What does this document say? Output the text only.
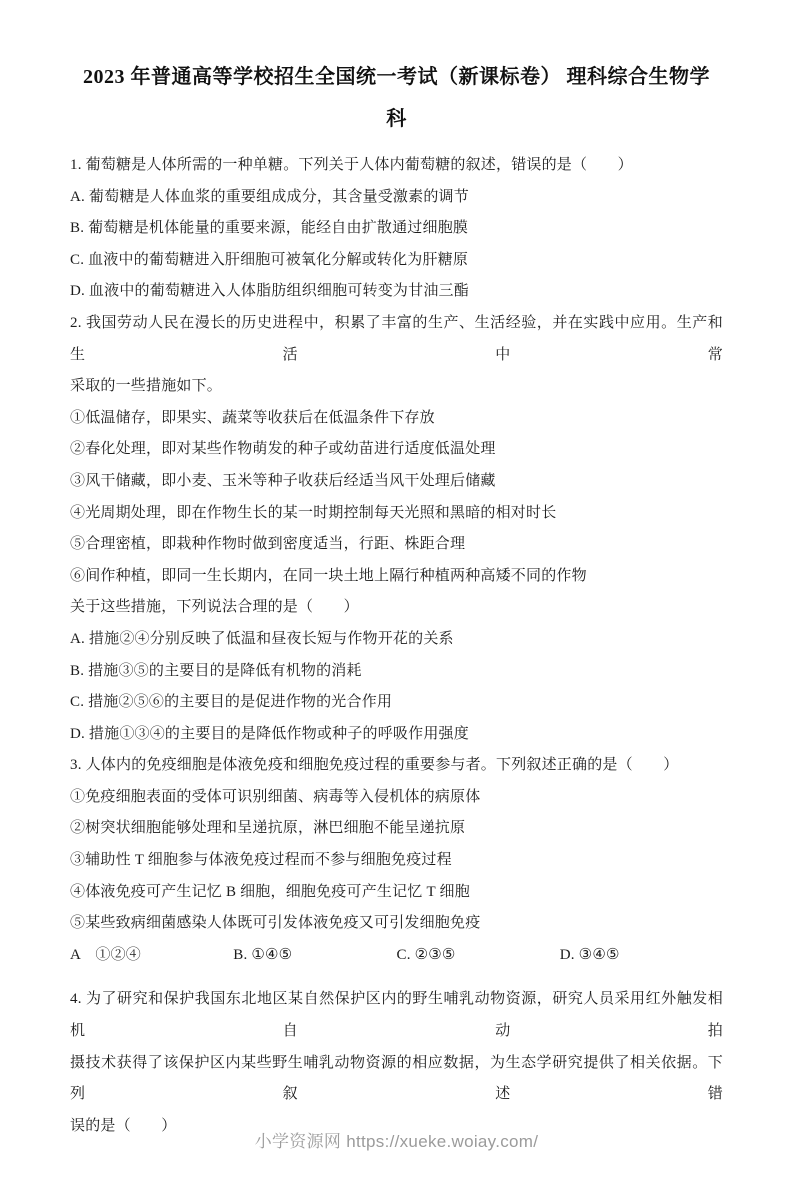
2023 年普通高等学校招生全国统一考试（新课标卷） 理科综合生物学
科
1. 葡萄糖是人体所需的一种单糖。下列关于人体内葡萄糖的叙述，错误的是（　　）
A. 葡萄糖是人体血浆的重要组成成分，其含量受激素的调节
B. 葡萄糖是机体能量的重要来源，能经自由扩散通过细胞膜
C. 血液中的葡萄糖进入肝细胞可被氧化分解或转化为肝糖原
D. 血液中的葡萄糖进入人体脂肪组织细胞可转变为甘油三酯
2. 我国劳动人民在漫长的历史进程中，积累了丰富的生产、生活经验，并在实践中应用。生产和生活中常
采取的一些措施如下。
①低温储存，即果实、蔬菜等收获后在低温条件下存放
②春化处理，即对某些作物萌发的种子或幼苗进行适度低温处理
③风干储藏，即小麦、玉米等种子收获后经适当风干处理后储藏
④光周期处理，即在作物生长的某一时期控制每天光照和黑暗的相对时长
⑤合理密植，即栽种作物时做到密度适当，行距、株距合理
⑥间作种植，即同一生长期内，在同一块土地上隔行种植两种高矮不同的作物
关于这些措施，下列说法合理的是（　　）
A. 措施②④分别反映了低温和昼夜长短与作物开花的关系
B. 措施③⑤的主要目的是降低有机物的消耗
C. 措施②⑤⑥的主要目的是促进作物的光合作用
D. 措施①③④的主要目的是降低作物或种子的呼吸作用强度
3. 人体内的免疫细胞是体液免疫和细胞免疫过程的重要参与者。下列叙述正确的是（　　）
①免疫细胞表面的受体可识别细菌、病毒等入侵机体的病原体
②树突状细胞能够处理和呈递抗原，淋巴细胞不能呈递抗原
③辅助性 T 细胞参与体液免疫过程而不参与细胞免疫过程
④体液免疫可产生记忆 B 细胞，细胞免疫可产生记忆 T 细胞
⑤某些致病细菌感染人体既可引发体液免疫又可引发细胞免疫
A　①②④	B. ①④⑤	C. ②③⑤	D. ③④⑤
4. 为了研究和保护我国东北地区某自然保护区内的野生哺乳动物资源，研究人员采用红外触发相机自动拍
摄技术获得了该保护区内某些野生哺乳动物资源的相应数据，为生态学研究提供了相关依据。下列叙述错
误的是（　　）
小学资源网 https://xueke.woiay.com/
